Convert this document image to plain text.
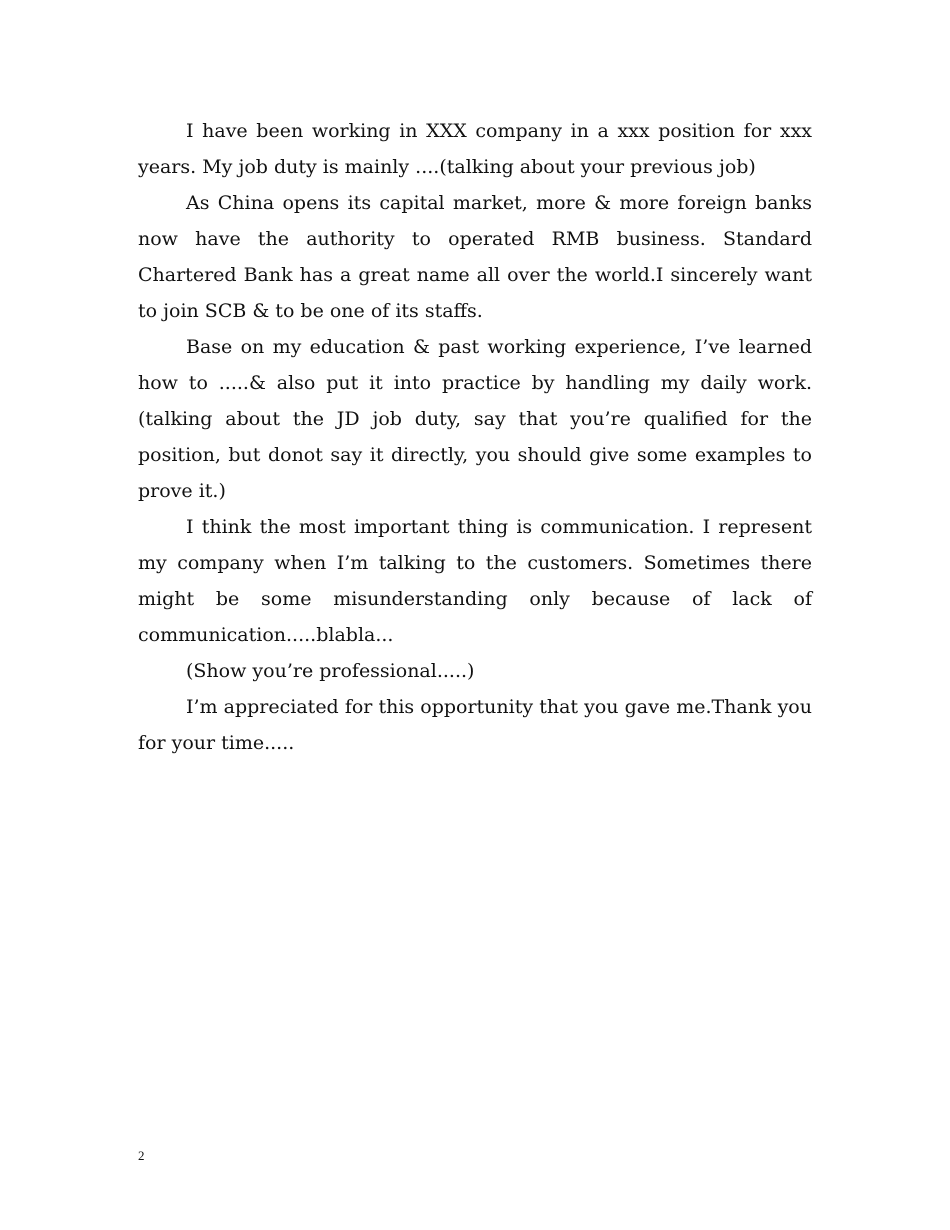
I have been working in XXX company in a xxx position for xxx years. My job duty is mainly ....(talking about your previous job)

As China opens its capital market, more & more foreign banks now have the authority to operated RMB business. Standard Chartered Bank has a great name all over the world.I sincerely want to join SCB & to be one of its staffs.

Base on my education & past working experience, I’ve learned how to .....& also put it into practice by handling my daily work. (talking about the JD job duty, say that you’re qualified for the position, but donot say it directly, you should give some examples to prove it.)

I think the most important thing is communication. I represent my company when I’m talking to the customers. Sometimes there might be some misunderstanding only because of lack of communication.....blabla...

(Show you’re professional.....)

I’m appreciated for this opportunity that you gave me.Thank you for your time.....

2
